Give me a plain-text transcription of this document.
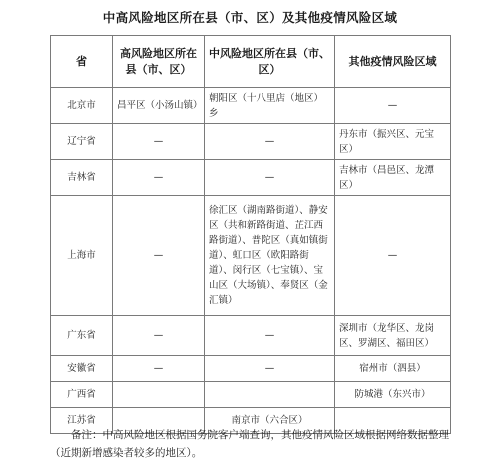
中高风险地区所在县（市、区）及其他疫情风险区域
省	高风险地区所在县（市、区）	中风险地区所在县（市、区）	其他疫情风险区域
北京市	昌平区（小汤山镇）	朝阳区（十八里店（地区）乡	—
辽宁省	—	—	丹东市（振兴区、元宝区）
吉林省	—	—	吉林市（昌邑区、龙潭区）
上海市	—	徐汇区（湖南路街道）、静安区（共和新路街道、芷江西路街道）、普陀区（真如镇街道）、虹口区（欧阳路街道）、闵行区（七宝镇）、宝山区（大场镇）、奉贤区（金汇镇）	—
广东省	—	—	深圳市（龙华区、龙岗区、罗湖区、福田区）
安徽省	—	—	宿州市（泗县）
广西省			防城港（东兴市）
江苏省		南京市（六合区）	
备注：中高风险地区根据国务院客户端查询，其他疫情风险区域根据网络数据整理（近期新增感染者较多的地区）。
